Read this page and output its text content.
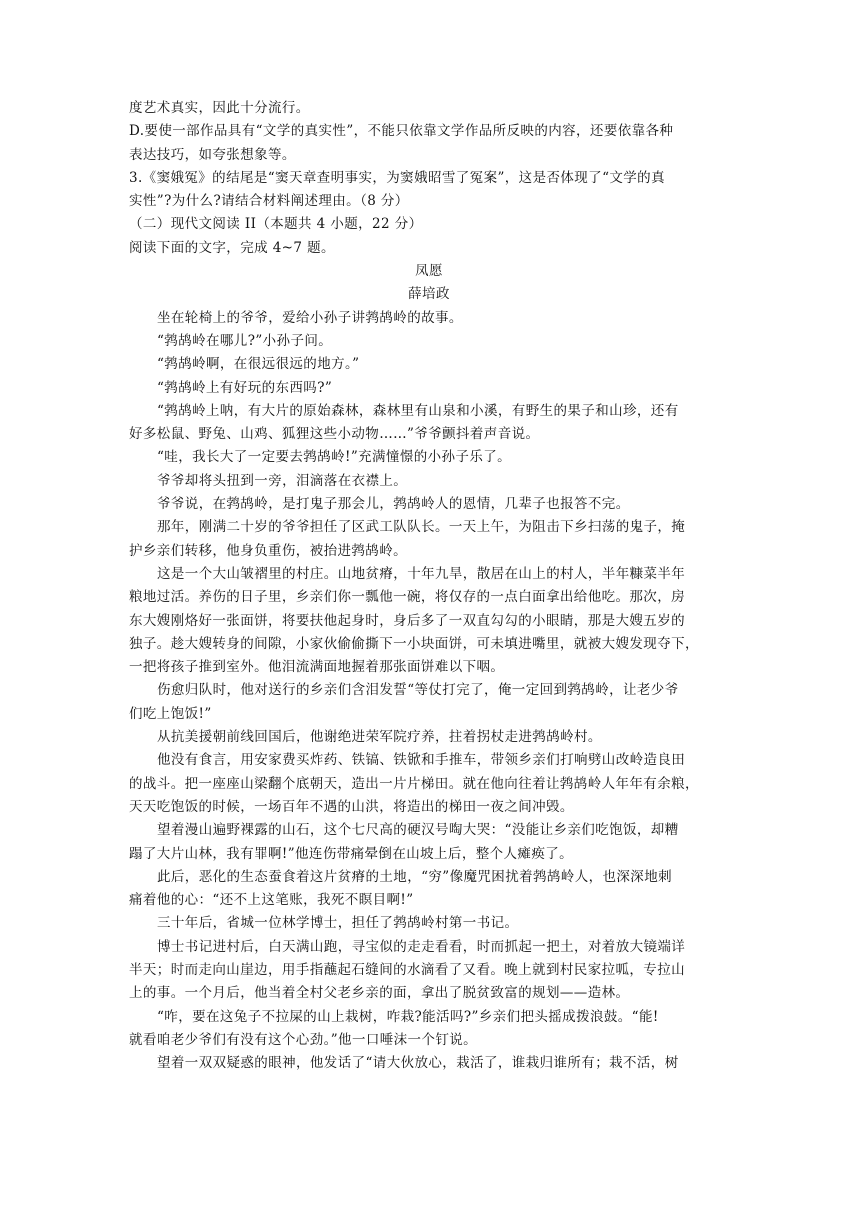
度艺术真实，因此十分流行。
D.要使一部作品具有“文学的真实性”，不能只依靠文学作品所反映的内容，还要依靠各种
表达技巧，如夸张想象等。
3.《窦娥冤》的结尾是“窦天章查明事实，为窦娥昭雪了冤案”，这是否体现了“文学的真
实性”?为什么?请结合材料阐述理由。（8 分）
（二）现代文阅读 II（本题共 4 小题，22 分）
阅读下面的文字，完成 4~7 题。
凤愿
薛培政
坐在轮椅上的爷爷，爱给小孙子讲鹁鸪岭的故事。
“鹁鸪岭在哪儿?”小孙子问。
“鹁鸪岭啊，在很远很远的地方。”
“鹁鸪岭上有好玩的东西吗?”
“鹁鸪岭上呐，有大片的原始森林，森林里有山泉和小溪，有野生的果子和山珍，还有
好多松鼠、野兔、山鸡、狐狸这些小动物……”爷爷颤抖着声音说。
“哇，我长大了一定要去鹁鸪岭!”充满憧憬的小孙子乐了。
爷爷却将头扭到一旁，泪滴落在衣襟上。
爷爷说，在鹁鸪岭，是打鬼子那会儿，鹁鸪岭人的恩情，几辈子也报答不完。
那年，刚满二十岁的爷爷担任了区武工队队长。一天上午，为阻击下乡扫荡的鬼子，掩
护乡亲们转移，他身负重伤，被抬进鹁鸪岭。
这是一个大山皱褶里的村庄。山地贫瘠，十年九旱，散居在山上的村人，半年糠菜半年
粮地过活。养伤的日子里，乡亲们你一瓢他一碗，将仅存的一点白面拿出给他吃。那次，房
东大嫂刚烙好一张面饼，将要扶他起身时，身后多了一双直勾勾的小眼睛，那是大嫂五岁的
独子。趁大嫂转身的间隙，小家伙偷偷撕下一小块面饼，可未填进嘴里，就被大嫂发现夺下，
一把将孩子推到室外。他泪流满面地握着那张面饼难以下咽。
伤愈归队时，他对送行的乡亲们含泪发誓“等仗打完了，俺一定回到鹁鸪岭，让老少爷
们吃上饱饭!”
从抗美援朝前线回国后，他谢绝进荣军院疗养，拄着拐杖走进鹁鸪岭村。
他没有食言，用安家费买炸药、铁镐、铁锨和手推车，带领乡亲们打响劈山改岭造良田
的战斗。把一座座山梁翻个底朝天，造出一片片梯田。就在他向往着让鹁鸪岭人年年有余粮，
天天吃饱饭的时候，一场百年不遇的山洪，将造出的梯田一夜之间冲毁。
望着漫山遍野裸露的山石，这个七尺高的硬汉号啕大哭：“没能让乡亲们吃饱饭，却糟
蹋了大片山林，我有罪啊!”他连伤带痛晕倒在山坡上后，整个人瘫痪了。
此后，恶化的生态蚕食着这片贫瘠的土地，“穷”像魔咒困扰着鹁鸪岭人，也深深地刺
痛着他的心：“还不上这笔账，我死不瞑目啊!”
三十年后，省城一位林学博士，担任了鹁鸪岭村第一书记。
博士书记进村后，白天满山跑，寻宝似的走走看看，时而抓起一把土，对着放大镜端详
半天；时而走向山崖边，用手指蘸起石缝间的水滴看了又看。晚上就到村民家拉呱，专拉山
上的事。一个月后，他当着全村父老乡亲的面，拿出了脱贫致富的规划——造林。
“咋，要在这兔子不拉屎的山上栽树，咋栽?能活吗?”乡亲们把头摇成拨浪鼓。“能!
就看咱老少爷们有没有这个心劲。”他一口唾沫一个钉说。
望着一双双疑惑的眼神，他发话了“请大伙放心，栽活了，谁栽归谁所有；栽不活，树
